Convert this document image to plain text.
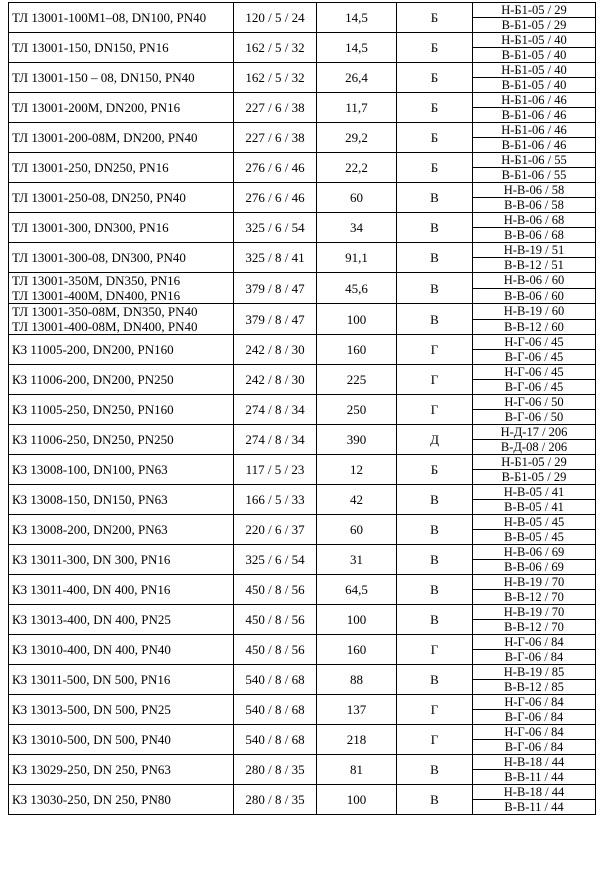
ТЛ 13001-100М1–08, DN100, PN40	120 / 5 / 24	14,5	Б	Н-Б1-05 / 29
				В-Б1-05 / 29

ТЛ 13001-150, DN150, PN16	162 / 5 / 32	14,5	Б	Н-Б1-05 / 40
				В-Б1-05 / 40

ТЛ 13001-150 – 08, DN150, PN40	162 / 5 / 32	26,4	Б	Н-Б1-05 / 40
				В-Б1-05 / 40

ТЛ 13001-200М, DN200, PN16	227 / 6 / 38	11,7	Б	Н-Б1-06 / 46
				В-Б1-06 / 46

ТЛ 13001-200-08М, DN200, PN40	227 / 6 / 38	29,2	Б	Н-Б1-06 / 46
				В-Б1-06 / 46

ТЛ 13001-250, DN250, PN16	276 / 6 / 46	22,2	Б	Н-Б1-06 / 55
				В-Б1-06 / 55

ТЛ 13001-250-08, DN250, PN40	276 / 6 / 46	60	В	Н-В-06 / 58
				В-В-06 / 58

ТЛ 13001-300, DN300, PN16	325 / 6 / 54	34	В	Н-В-06 / 68
				В-В-06 / 68

ТЛ 13001-300-08, DN300, PN40	325 / 8 / 41	91,1	В	Н-В-19 / 51
				В-В-12 / 51

ТЛ 13001-350М, DN350, PN16
ТЛ 13001-400М, DN400, PN16	379 / 8 / 47	45,6	В	Н-В-06 / 60
				В-В-06 / 60

ТЛ 13001-350-08М, DN350, PN40
ТЛ 13001-400-08М, DN400, PN40	379 / 8 / 47	100	В	Н-В-19 / 60
				В-В-12 / 60

КЗ 11005-200, DN200, PN160	242 / 8 / 30	160	Г	Н-Г-06 / 45
				В-Г-06 / 45

КЗ 11006-200, DN200, PN250	242 / 8 / 30	225	Г	Н-Г-06 / 45
				В-Г-06 / 45

КЗ 11005-250, DN250, PN160	274 / 8 / 34	250	Г	Н-Г-06 / 50
				В-Г-06 / 50

КЗ 11006-250, DN250, PN250	274 / 8 / 34	390	Д	Н-Д-17 / 206
				В-Д-08 / 206

КЗ 13008-100, DN100, PN63	117 / 5 / 23	12	Б	Н-Б1-05 / 29
				В-Б1-05 / 29

КЗ 13008-150, DN150, PN63	166 / 5 / 33	42	В	Н-В-05 / 41
				В-В-05 / 41

КЗ 13008-200, DN200, PN63	220 / 6 / 37	60	В	Н-В-05 / 45
				В-В-05 / 45

КЗ 13011-300, DN 300, PN16	325 / 6 / 54	31	В	Н-В-06 / 69
				В-В-06 / 69

КЗ 13011-400, DN 400, PN16	450 / 8 / 56	64,5	В	Н-В-19 / 70
				В-В-12 / 70

КЗ 13013-400, DN 400, PN25	450 / 8 / 56	100	В	Н-В-19 / 70
				В-В-12 / 70

КЗ 13010-400, DN 400, PN40	450 / 8 / 56	160	Г	Н-Г-06 / 84
				В-Г-06 / 84

КЗ 13011-500, DN 500, PN16	540 / 8 / 68	88	В	Н-В-19 / 85
				В-В-12 / 85

КЗ 13013-500, DN 500, PN25	540 / 8 / 68	137	Г	Н-Г-06 / 84
				В-Г-06 / 84

КЗ 13010-500, DN 500, PN40	540 / 8 / 68	218	Г	Н-Г-06 / 84
				В-Г-06 / 84

КЗ 13029-250, DN 250, PN63	280 / 8 / 35	81	В	Н-В-18 / 44
				В-В-11 / 44

КЗ 13030-250, DN 250, PN80	280 / 8 / 35	100	В	Н-В-18 / 44
				В-В-11 / 44
